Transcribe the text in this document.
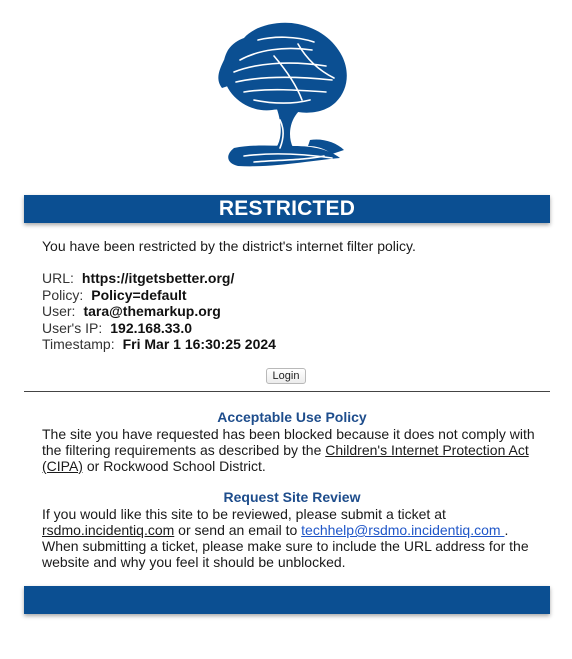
RESTRICTED
You have been restricted by the district's internet filter policy.
URL: https://itgetsbetter.org/
Policy: Policy=default
User: tara@themarkup.org
User's IP: 192.168.33.0
Timestamp: Fri Mar 1 16:30:25 2024
Login
Acceptable Use Policy
The site you have requested has been blocked because it does not comply with the filtering requirements as described by the Children's Internet Protection Act (CIPA) or Rockwood School District.
Request Site Review
If you would like this site to be reviewed, please submit a ticket at rsdmo.incidentiq.com or send an email to techhelp@rsdmo.incidentiq.com . When submitting a ticket, please make sure to include the URL address for the website and why you feel it should be unblocked.
